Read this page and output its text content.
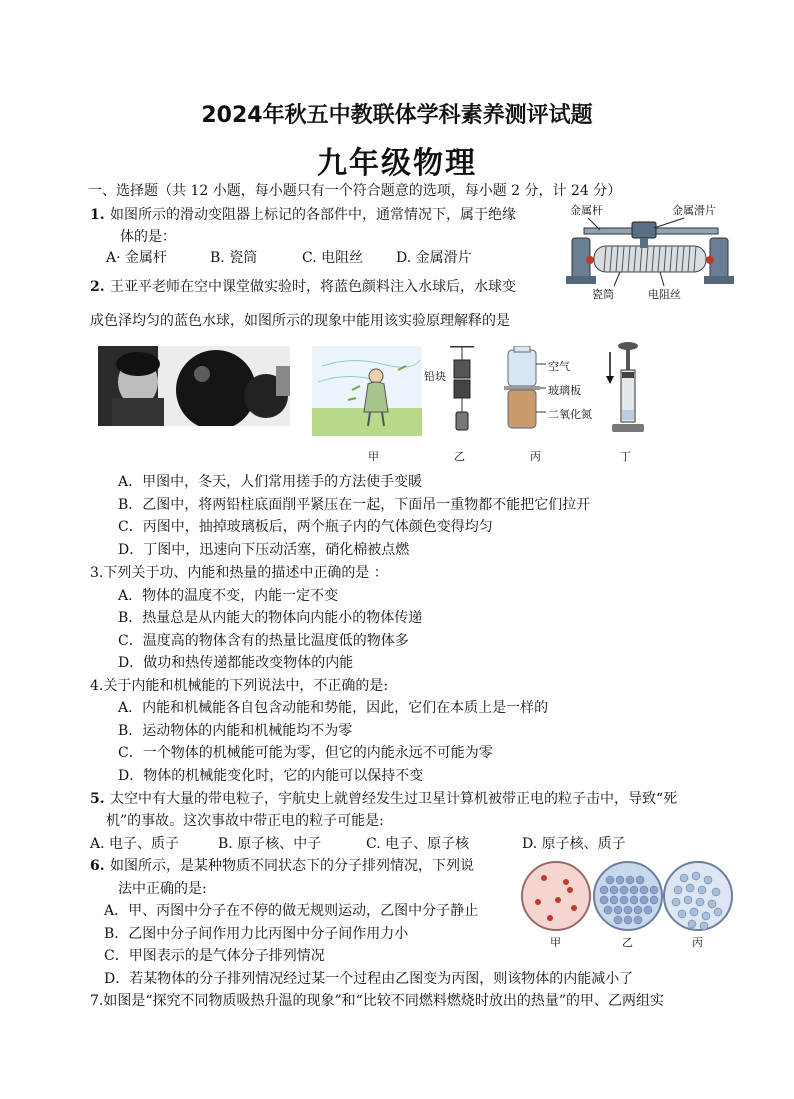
2024年秋五中教联体学科素养测评试题
九年级物理
一、选择题（共 12 小题，每小题只有一个符合题意的选项，每小题 2 分，计 24 分）
1. 如图所示的滑动变阻器上标记的各部件中，通常情况下，属于绝缘
体的是：
A· 金属杆	B. 瓷筒	C. 电阻丝 D. 金属滑片
金属杆	金属滑片
瓷筒	电阻丝
2. 王亚平老师在空中课堂做实验时，将蓝色颜料注入水球后，水球变
成色泽均匀的蓝色水球，如图所示的现象中能用该实验原理解释的是
铅块
空气
玻璃板
二氧化氮
甲	乙	丙	丁
A．甲图中，冬天，人们常用搓手的方法使手变暖
B．乙图中，将两铅柱底面削平紧压在一起，下面吊一重物都不能把它们拉开
C．丙图中，抽掉玻璃板后，两个瓶子内的气体颜色变得均匀
D．丁图中，迅速向下压动活塞，硝化棉被点燃
3.下列关于功、内能和热量的描述中正确的是 ：
A．物体的温度不变，内能一定不变
B．热量总是从内能大的物体向内能小的物体传递
C．温度高的物体含有的热量比温度低的物体多
D．做功和热传递都能改变物体的内能
4.关于内能和机械能的下列说法中，不正确的是:
A．内能和机械能各自包含动能和势能，因此，它们在本质上是一样的
B．运动物体的内能和机械能均不为零
C．一个物体的机械能可能为零，但它的内能永远不可能为零
D．物体的机械能变化时，它的内能可以保持不变
5. 太空中有大量的带电粒子，宇航史上就曾经发生过卫星计算机被带正电的粒子击中，导致“死
机”的事故。这次事故中带正电的粒子可能是:
A. 电子、质子	B. 原子核、中子	C. 电子、原子核	D. 原子核、质子
6. 如图所示，是某种物质不同状态下的分子排列情况，下列说
法中正确的是:
A．甲、丙图中分子在不停的做无规则运动，乙图中分子静止
B．乙图中分子间作用力比丙图中分子间作用力小
C．甲图表示的是气体分子排列情况
D．若某物体的分子排列情况经过某一个过程由乙图变为丙图，则该物体的内能减小了
甲	乙	丙
7.如图是“探究不同物质吸热升温的现象”和“比较不同燃料燃烧时放出的热量”的甲、乙两组实
